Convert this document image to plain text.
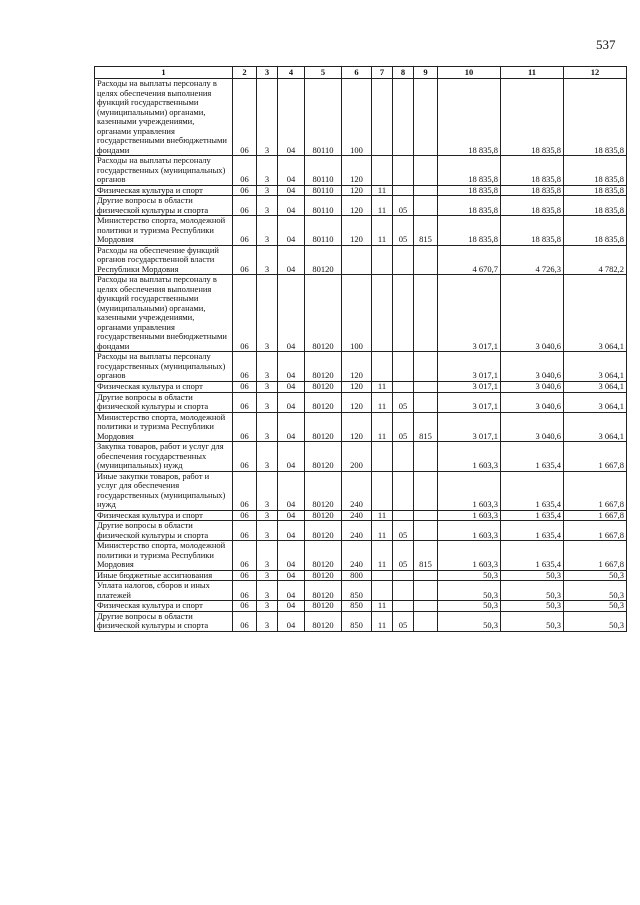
537
1	2	3	4	5	6	7	8	9	10	11	12
Расходы на выплаты персоналу в целях обеспечения выполнения функций государственными (муниципальными) органами, казенными учреждениями, органами управления государственными внебюджетными фондами	06	3	04	80110	100				18 835,8	18 835,8	18 835,8
Расходы на выплаты персоналу государственных (муниципальных) органов	06	3	04	80110	120				18 835,8	18 835,8	18 835,8
Физическая культура и спорт	06	3	04	80110	120	11			18 835,8	18 835,8	18 835,8
Другие вопросы в области физической культуры и спорта	06	3	04	80110	120	11	05		18 835,8	18 835,8	18 835,8
Министерство спорта, молодежной политики и туризма Республики Мордовия	06	3	04	80110	120	11	05	815	18 835,8	18 835,8	18 835,8
Расходы на обеспечение функций органов государственной власти Республики Мордовия	06	3	04	80120					4 670,7	4 726,3	4 782,2
Расходы на выплаты персоналу в целях обеспечения выполнения функций государственными (муниципальными) органами, казенными учреждениями, органами управления государственными внебюджетными фондами	06	3	04	80120	100				3 017,1	3 040,6	3 064,1
Расходы на выплаты персоналу государственных (муниципальных) органов	06	3	04	80120	120				3 017,1	3 040,6	3 064,1
Физическая культура и спорт	06	3	04	80120	120	11			3 017,1	3 040,6	3 064,1
Другие вопросы в области физической культуры и спорта	06	3	04	80120	120	11	05		3 017,1	3 040,6	3 064,1
Министерство спорта, молодежной политики и туризма Республики Мордовия	06	3	04	80120	120	11	05	815	3 017,1	3 040,6	3 064,1
Закупка товаров, работ и услуг для обеспечения государственных (муниципальных) нужд	06	3	04	80120	200				1 603,3	1 635,4	1 667,8
Иные закупки товаров, работ и услуг для обеспечения государственных (муниципальных) нужд	06	3	04	80120	240				1 603,3	1 635,4	1 667,8
Физическая культура и спорт	06	3	04	80120	240	11			1 603,3	1 635,4	1 667,8
Другие вопросы в области физической культуры и спорта	06	3	04	80120	240	11	05		1 603,3	1 635,4	1 667,8
Министерство спорта, молодежной политики и туризма Республики Мордовия	06	3	04	80120	240	11	05	815	1 603,3	1 635,4	1 667,8
Иные бюджетные ассигнования	06	3	04	80120	800				50,3	50,3	50,3
Уплата налогов, сборов и иных платежей	06	3	04	80120	850				50,3	50,3	50,3
Физическая культура и спорт	06	3	04	80120	850	11			50,3	50,3	50,3
Другие вопросы в области физической культуры и спорта	06	3	04	80120	850	11	05		50,3	50,3	50,3
